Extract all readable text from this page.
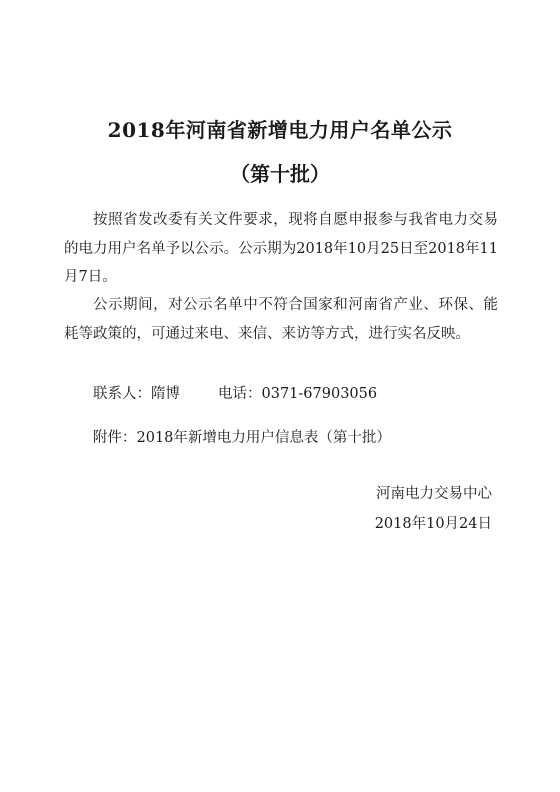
2018年河南省新增电力用户名单公示
（第十批）

按照省发改委有关文件要求，现将自愿申报参与我省电力交易的电力用户名单予以公示。公示期为2018年10月25日至2018年11月7日。

公示期间，对公示名单中不符合国家和河南省产业、环保、能耗等政策的，可通过来电、来信、来访等方式，进行实名反映。

联系人：隋博	电话：0371-67903056
附件：2018年新增电力用户信息表（第十批）
河南电力交易中心
2018年10月24日
